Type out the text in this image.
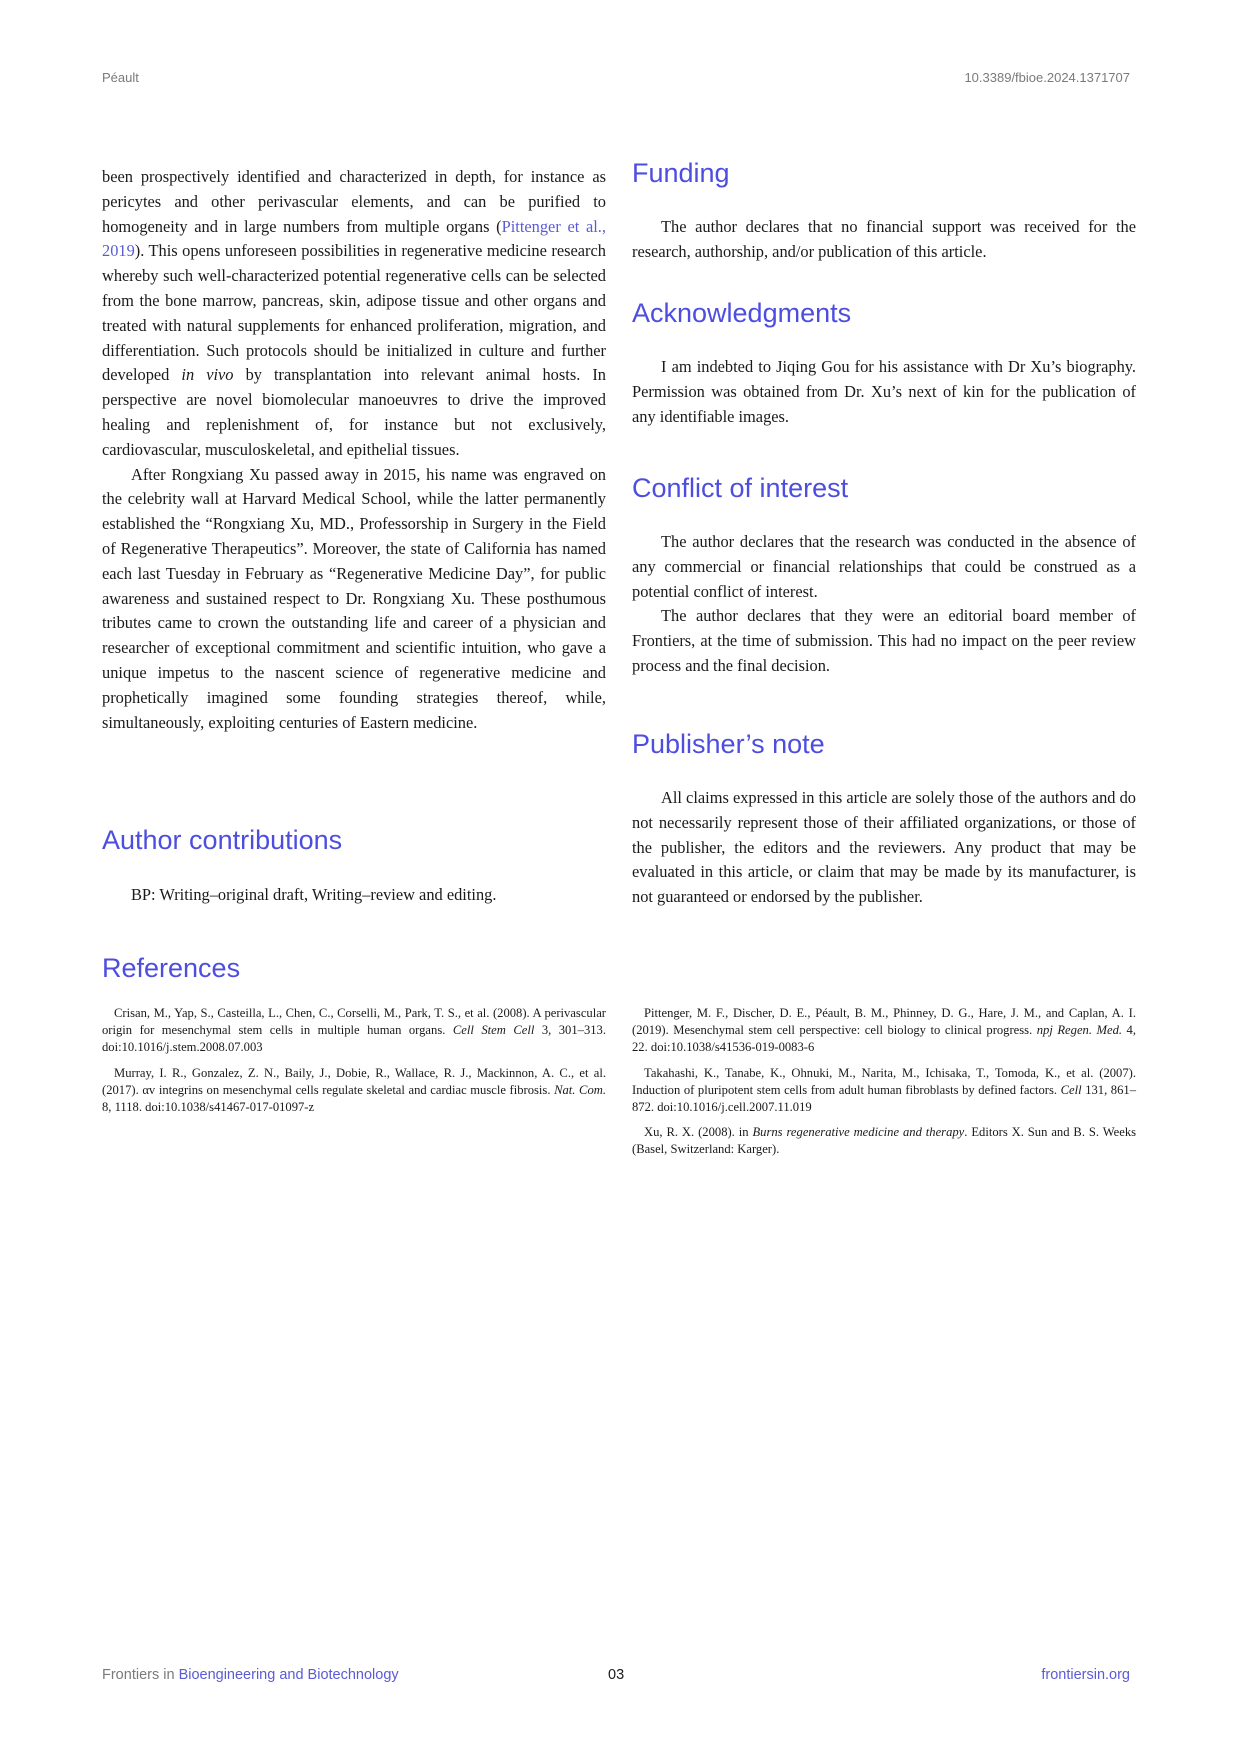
Péault	10.3389/fbioe.2024.1371707

been prospectively identified and characterized in depth, for instance as pericytes and other perivascular elements, and can be purified to homogeneity and in large numbers from multiple organs (Pittenger et al., 2019). This opens unforeseen possibilities in regenerative medicine research whereby such well-characterized potential regenerative cells can be selected from the bone marrow, pancreas, skin, adipose tissue and other organs and treated with natural supplements for enhanced proliferation, migration, and differentiation. Such protocols should be initialized in culture and further developed in vivo by transplantation into relevant animal hosts. In perspective are novel biomolecular manoeuvres to drive the improved healing and replenishment of, for instance but not exclusively, cardiovascular, musculoskeletal, and epithelial tissues.

After Rongxiang Xu passed away in 2015, his name was engraved on the celebrity wall at Harvard Medical School, while the latter permanently established the “Rongxiang Xu, MD., Professorship in Surgery in the Field of Regenerative Therapeutics”. Moreover, the state of California has named each last Tuesday in February as “Regenerative Medicine Day”, for public awareness and sustained respect to Dr. Rongxiang Xu. These posthumous tributes came to crown the outstanding life and career of a physician and researcher of exceptional commitment and scientific intuition, who gave a unique impetus to the nascent science of regenerative medicine and prophetically imagined some founding strategies thereof, while, simultaneously, exploiting centuries of Eastern medicine.

Author contributions

BP: Writing–original draft, Writing–review and editing.

Funding

The author declares that no financial support was received for the research, authorship, and/or publication of this article.

Acknowledgments

I am indebted to Jiqing Gou for his assistance with Dr Xu’s biography. Permission was obtained from Dr. Xu’s next of kin for the publication of any identifiable images.

Conflict of interest

The author declares that the research was conducted in the absence of any commercial or financial relationships that could be construed as a potential conflict of interest.

The author declares that they were an editorial board member of Frontiers, at the time of submission. This had no impact on the peer review process and the final decision.

Publisher’s note

All claims expressed in this article are solely those of the authors and do not necessarily represent those of their affiliated organizations, or those of the publisher, the editors and the reviewers. Any product that may be evaluated in this article, or claim that may be made by its manufacturer, is not guaranteed or endorsed by the publisher.

References

Crisan, M., Yap, S., Casteilla, L., Chen, C., Corselli, M., Park, T. S., et al. (2008). A perivascular origin for mesenchymal stem cells in multiple human organs. Cell Stem Cell 3, 301–313. doi:10.1016/j.stem.2008.07.003

Murray, I. R., Gonzalez, Z. N., Baily, J., Dobie, R., Wallace, R. J., Mackinnon, A. C., et al. (2017). αv integrins on mesenchymal cells regulate skeletal and cardiac muscle fibrosis. Nat. Com. 8, 1118. doi:10.1038/s41467-017-01097-z

Pittenger, M. F., Discher, D. E., Péault, B. M., Phinney, D. G., Hare, J. M., and Caplan, A. I. (2019). Mesenchymal stem cell perspective: cell biology to clinical progress. npj Regen. Med. 4, 22. doi:10.1038/s41536-019-0083-6

Takahashi, K., Tanabe, K., Ohnuki, M., Narita, M., Ichisaka, T., Tomoda, K., et al. (2007). Induction of pluripotent stem cells from adult human fibroblasts by defined factors. Cell 131, 861–872. doi:10.1016/j.cell.2007.11.019

Xu, R. X. (2008). in Burns regenerative medicine and therapy. Editors X. Sun and B. S. Weeks (Basel, Switzerland: Karger).

Frontiers in Bioengineering and Biotechnology	03	frontiersin.org
